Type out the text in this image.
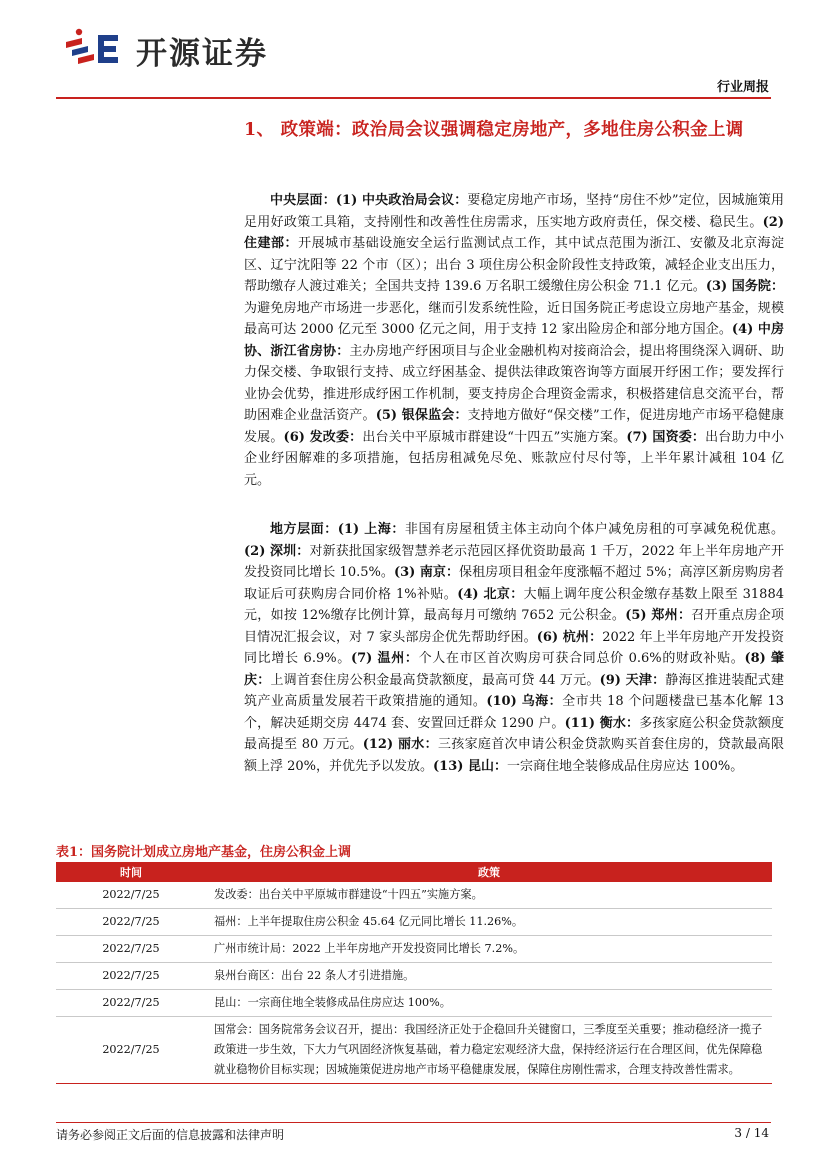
开源证券
行业周报
1、 政策端：政治局会议强调稳定房地产，多地住房公积金上调

中央层面：(1) 中央政治局会议：要稳定房地产市场，坚持“房住不炒”定位，因城施策用足用好政策工具箱，支持刚性和改善性住房需求，压实地方政府责任，保交楼、稳民生。(2) 住建部：开展城市基础设施安全运行监测试点工作，其中试点范围为浙江、安徽及北京海淀区、辽宁沈阳等 22 个市（区）；出台 3 项住房公积金阶段性支持政策，减轻企业支出压力，帮助缴存人渡过难关；全国共支持 139.6 万名职工缓缴住房公积金 71.1 亿元。(3) 国务院：为避免房地产市场进一步恶化，继而引发系统性险，近日国务院正考虑设立房地产基金，规模最高可达 2000 亿元至 3000 亿元之间，用于支持 12 家出险房企和部分地方国企。(4) 中房协、浙江省房协：主办房地产纾困项目与企业金融机构对接商洽会，提出将围绕深入调研、助力保交楼、争取银行支持、成立纾困基金、提供法律政策咨询等方面展开纾困工作；要发挥行业协会优势，推进形成纾困工作机制，要支持房企合理资金需求，积极搭建信息交流平台，帮助困难企业盘活资产。(5) 银保监会：支持地方做好“保交楼”工作，促进房地产市场平稳健康发展。(6) 发改委：出台关中平原城市群建设“十四五”实施方案。(7) 国资委：出台助力中小企业纾困解难的多项措施，包括房租减免尽免、账款应付尽付等，上半年累计减租 104 亿元。

地方层面：(1) 上海：非国有房屋租赁主体主动向个体户减免房租的可享减免税优惠。(2) 深圳：对新获批国家级智慧养老示范园区择优资助最高 1 千万，2022 年上半年房地产开发投资同比增长 10.5%。(3) 南京：保租房项目租金年度涨幅不超过 5%；高淳区新房购房者取证后可获购房合同价格 1%补贴。(4) 北京：大幅上调年度公积金缴存基数上限至 31884 元，如按 12%缴存比例计算，最高每月可缴纳 7652 元公积金。(5) 郑州：召开重点房企项目情况汇报会议，对 7 家头部房企优先帮助纾困。(6) 杭州：2022 年上半年房地产开发投资同比增长 6.9%。(7) 温州：个人在市区首次购房可获合同总价 0.6%的财政补贴。(8) 肇庆：上调首套住房公积金最高贷款额度，最高可贷 44 万元。(9) 天津：静海区推进装配式建筑产业高质量发展若干政策措施的通知。(10) 乌海：全市共 18 个问题楼盘已基本化解 13 个，解决延期交房 4474 套、安置回迁群众 1290 户。(11) 衡水：多孩家庭公积金贷款额度最高提至 80 万元。(12) 丽水：三孩家庭首次申请公积金贷款购买首套住房的，贷款最高限额上浮 20%，并优先予以发放。(13) 昆山：一宗商住地全装修成品住房应达 100%。

表1：国务院计划成立房地产基金，住房公积金上调
时间	政策
2022/7/25	发改委：出台关中平原城市群建设“十四五”实施方案。
2022/7/25	福州：上半年提取住房公积金 45.64 亿元同比增长 11.26%。
2022/7/25	广州市统计局：2022 上半年房地产开发投资同比增长 7.2%。
2022/7/25	泉州台商区：出台 22 条人才引进措施。
2022/7/25	昆山：一宗商住地全装修成品住房应达 100%。
2022/7/25	国常会：国务院常务会议召开，提出：我国经济正处于企稳回升关键窗口，三季度至关重要；推动稳经济一揽子政策进一步生效，下大力气巩固经济恢复基础，着力稳定宏观经济大盘，保持经济运行在合理区间，优先保障稳就业稳物价目标实现；因城施策促进房地产市场平稳健康发展，保障住房刚性需求，合理支持改善性需求。
请务必参阅正文后面的信息披露和法律声明	3 / 14
